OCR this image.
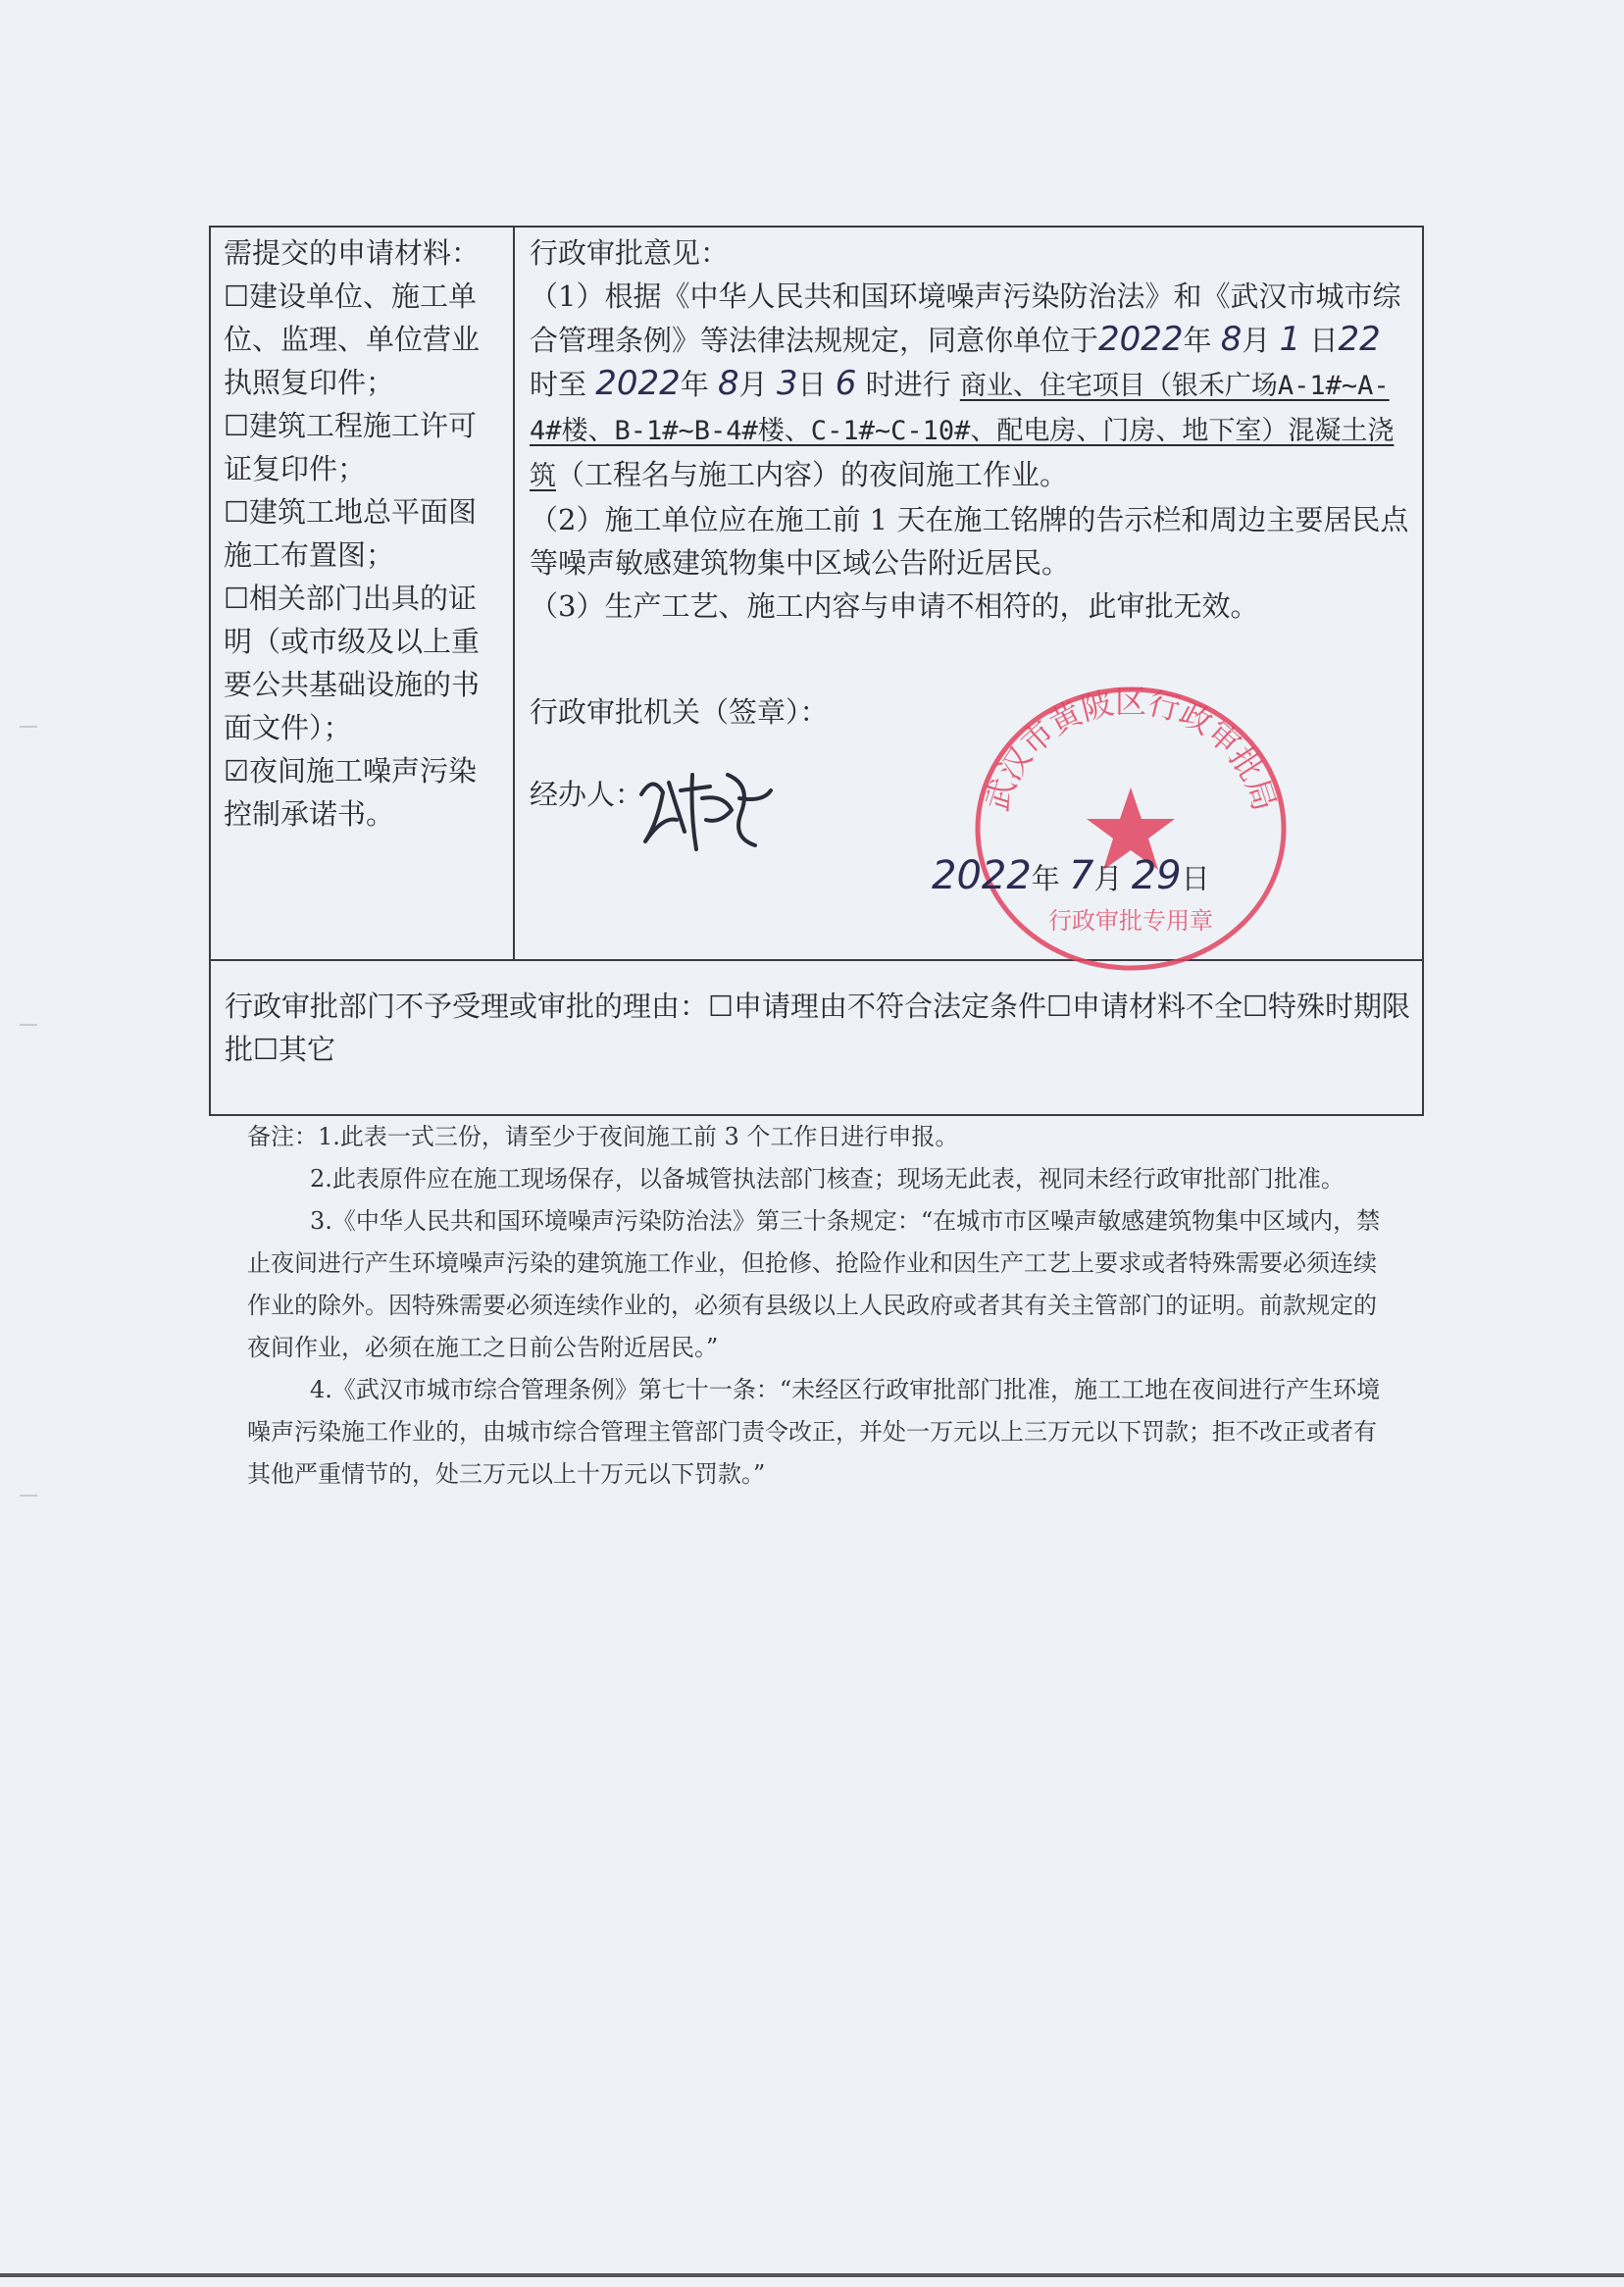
需提交的申请材料：
☐建设单位、施工单位、监理、单位营业执照复印件；
☐建筑工程施工许可证复印件；
☐建筑工地总平面图施工布置图；
☐相关部门出具的证明（或市级及以上重要公共基础设施的书面文件）；
☑夜间施工噪声污染控制承诺书。

行政审批意见：
（1）根据《中华人民共和国环境噪声污染防治法》和《武汉市城市综合管理条例》等法律法规规定，同意你单位于2022年 8月 1 日22 时至 2022年 8月 3日 6 时进行 商业、住宅项目（银禾广场A-1#~A-4#楼、B-1#~B-4#楼、C-1#~C-10#、配电房、门房、地下室）混凝土浇筑（工程名与施工内容）的夜间施工作业。
（2）施工单位应在施工前 1 天在施工铭牌的告示栏和周边主要居民点等噪声敏感建筑物集中区域公告附近居民。
（3）生产工艺、施工内容与申请不相符的，此审批无效。
行政审批机关（签章）：
经办人：

行政审批部门不予受理或审批的理由：☐申请理由不符合法定条件☐申请材料不全☐特殊时期限批☐其它
武汉市黄陂区行政审批局
行政审批专用章
2022年 7月 29日
备注：1.此表一式三份，请至少于夜间施工前 3 个工作日进行申报。
2.此表原件应在施工现场保存，以备城管执法部门核查；现场无此表，视同未经行政审批部门批准。
3.《中华人民共和国环境噪声污染防治法》第三十条规定：“在城市市区噪声敏感建筑物集中区域内，禁止夜间进行产生环境噪声污染的建筑施工作业，但抢修、抢险作业和因生产工艺上要求或者特殊需要必须连续作业的除外。因特殊需要必须连续作业的，必须有县级以上人民政府或者其有关主管部门的证明。前款规定的夜间作业，必须在施工之日前公告附近居民。”
4.《武汉市城市综合管理条例》第七十一条：“未经区行政审批部门批准，施工工地在夜间进行产生环境噪声污染施工作业的，由城市综合管理主管部门责令改正，并处一万元以上三万元以下罚款；拒不改正或者有其他严重情节的，处三万元以上十万元以下罚款。”
